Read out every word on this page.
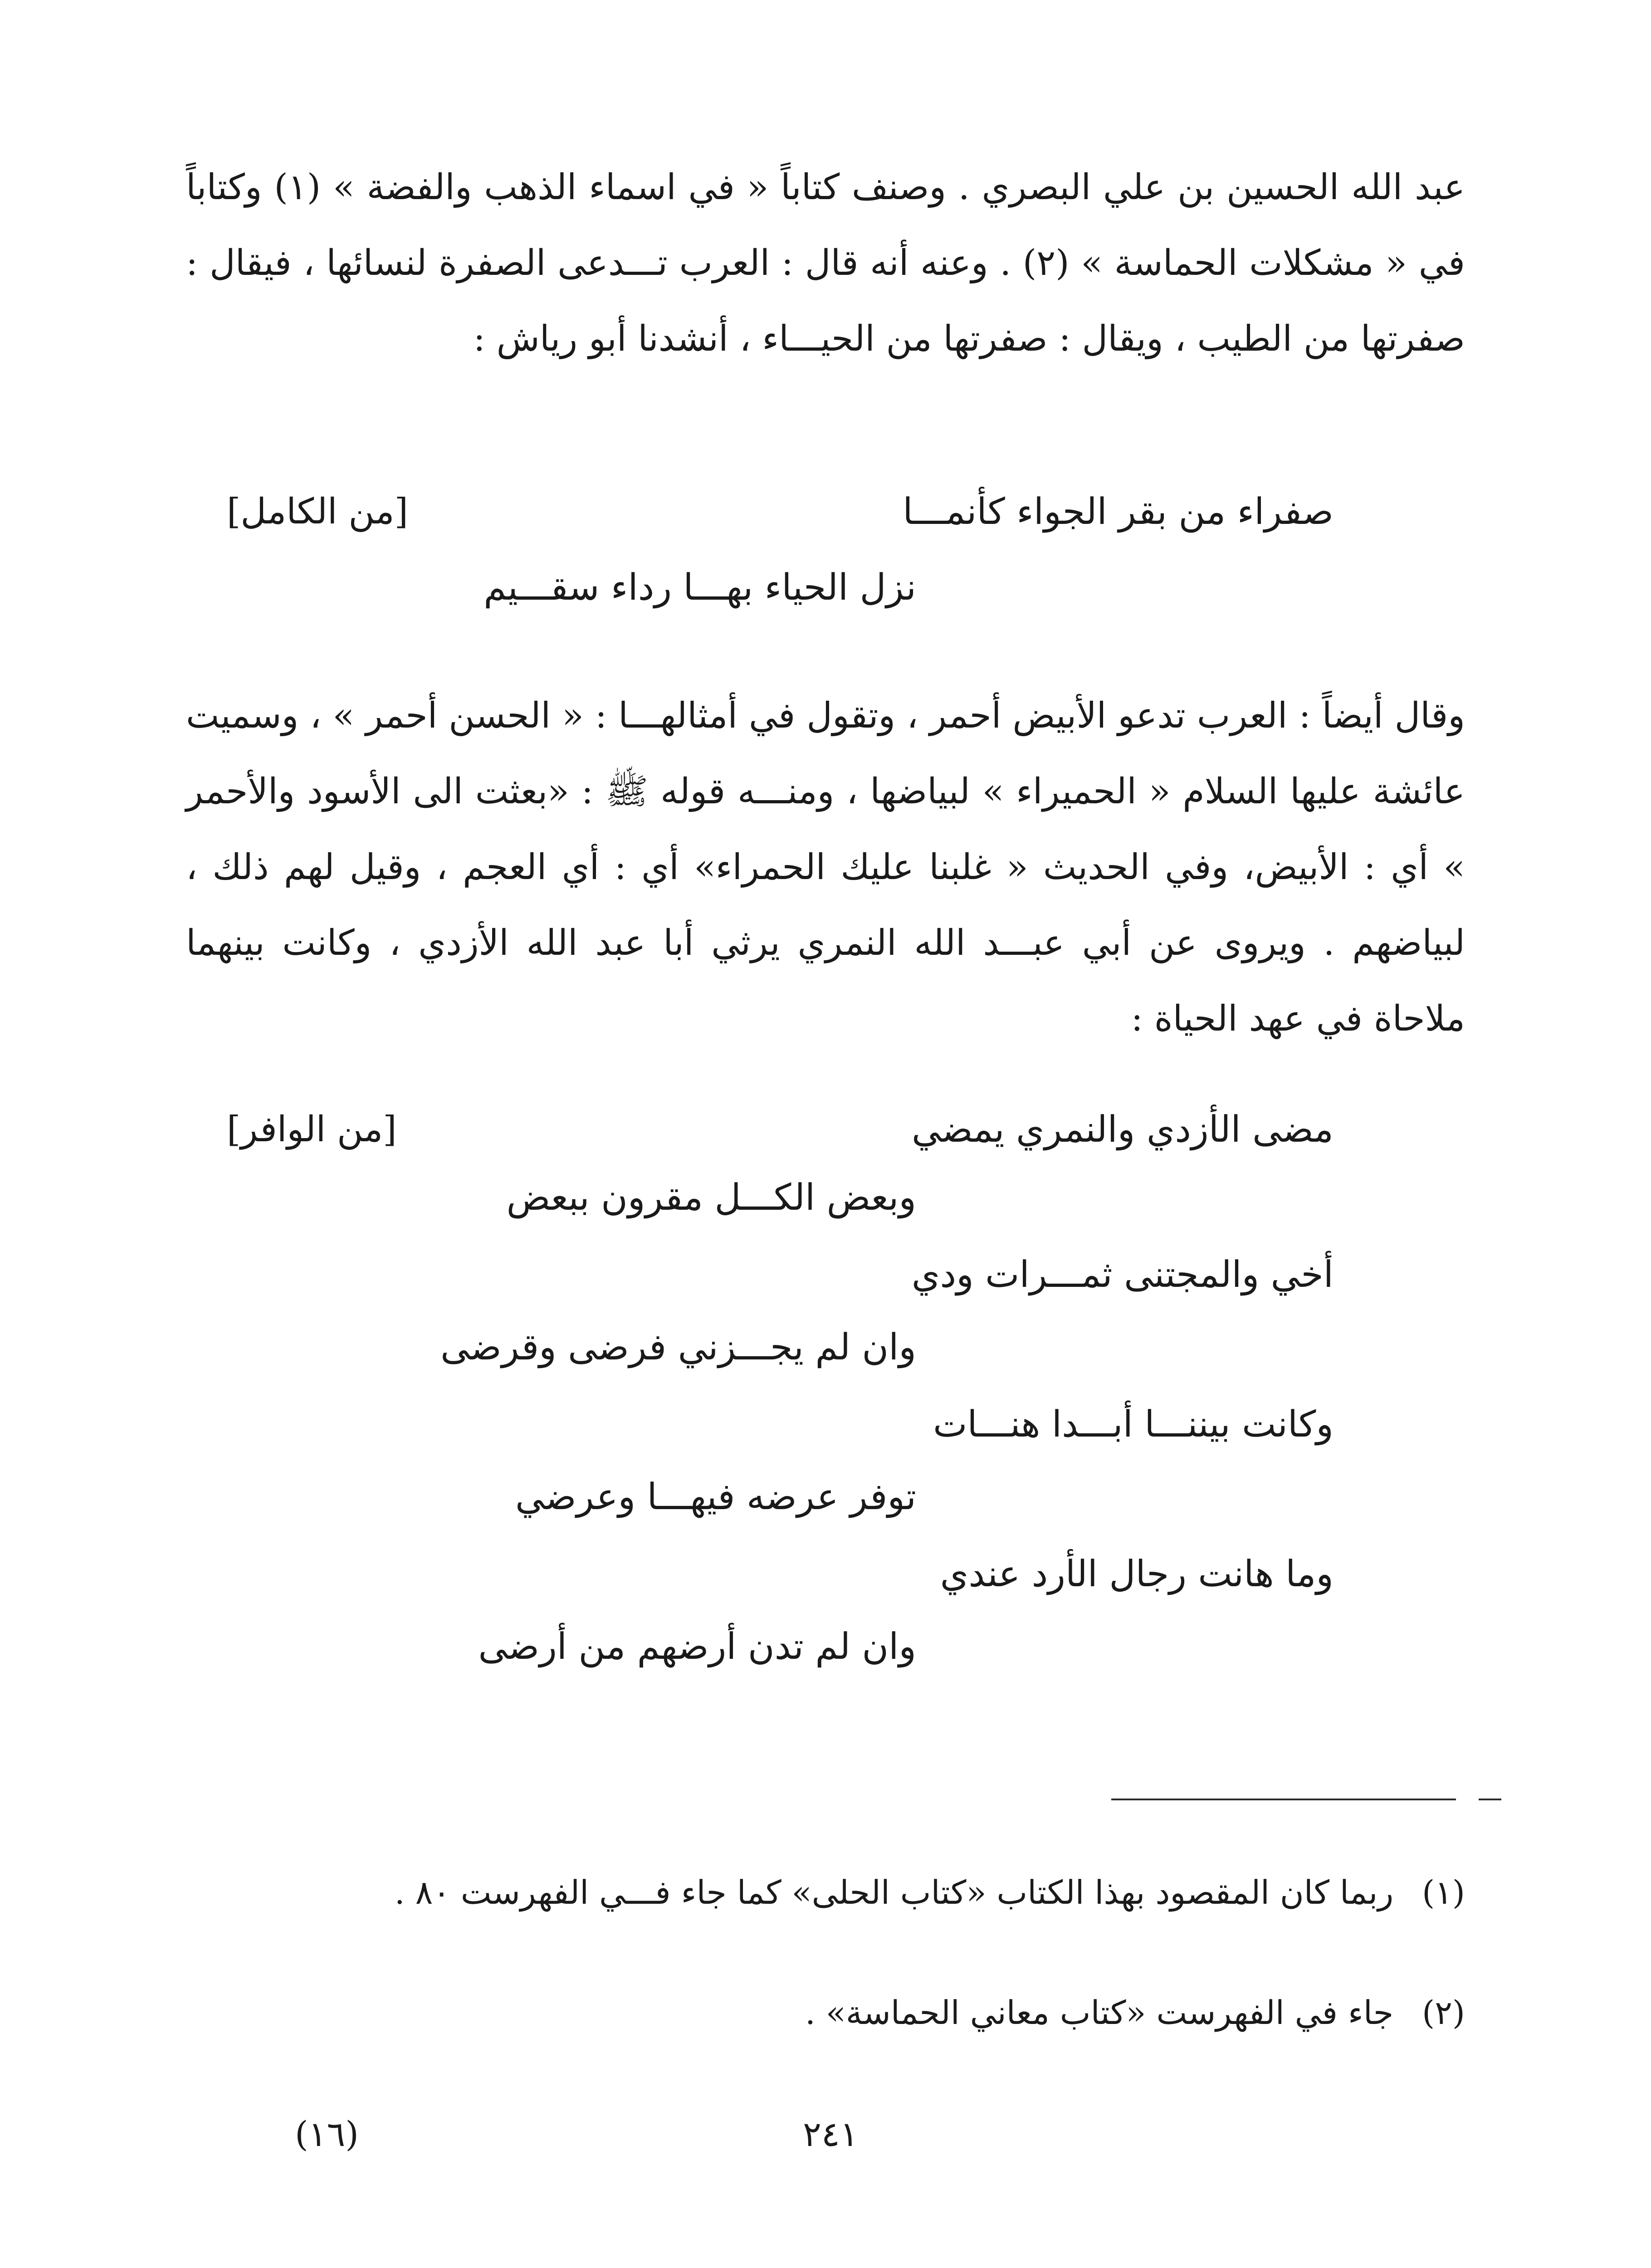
عبد الله الحسين بن علي البصري . وصنف كتاباً « في اسماء الذهب والفضة » (١) وكتاباً في « مشكلات الحماسة » (٢) . وعنه أنه قال : العرب تـــدعى الصفرة لنسائها ، فيقال : صفرتها من الطيب ، ويقال : صفرتها من الحيـــاء ، أنشدنا أبو رياش :

[من الكامل]	صفراء من بقر الجواء كأنمـــا
نزل الحياء بهـــا رداء سقـــيم

وقال أيضاً : العرب تدعو الأبيض أحمر ، وتقول في أمثالهـــا : « الحسن أحمر » ، وسميت عائشة عليها السلام « الحميراء » لبياضها ، ومنـــه قوله ﷺ : «بعثت الى الأسود والأحمر » أي : الأبيض، وفي الحديث « غلبنا عليك الحمراء» أي : أي العجم ، وقيل لهم ذلك ، لبياضهم . ويروى عن أبي عبـــد الله النمري يرثي أبا عبد الله الأزدي ، وكانت بينهما ملاحاة في عهد الحياة :

[من الوافر]	مضى الأزدي والنمري يمضي
وبعض الكـــل مقرون ببعض
أخي والمجتنى ثمـــرات ودي
وان لم يجـــزني فرضى وقرضى
وكانت بيننـــا أبـــدا هنـــات
توفر عرضه فيهـــا وعرضي
وما هانت رجال الأرد عندي
وان لم تدن أرضهم من أرضى

(١) ربما كان المقصود بهذا الكتاب «كتاب الحلى» كما جاء فـــي الفهرست ٨٠ .

(٢) جاء في الفهرست «كتاب معاني الحماسة» .

٢٤١
(١٦)
